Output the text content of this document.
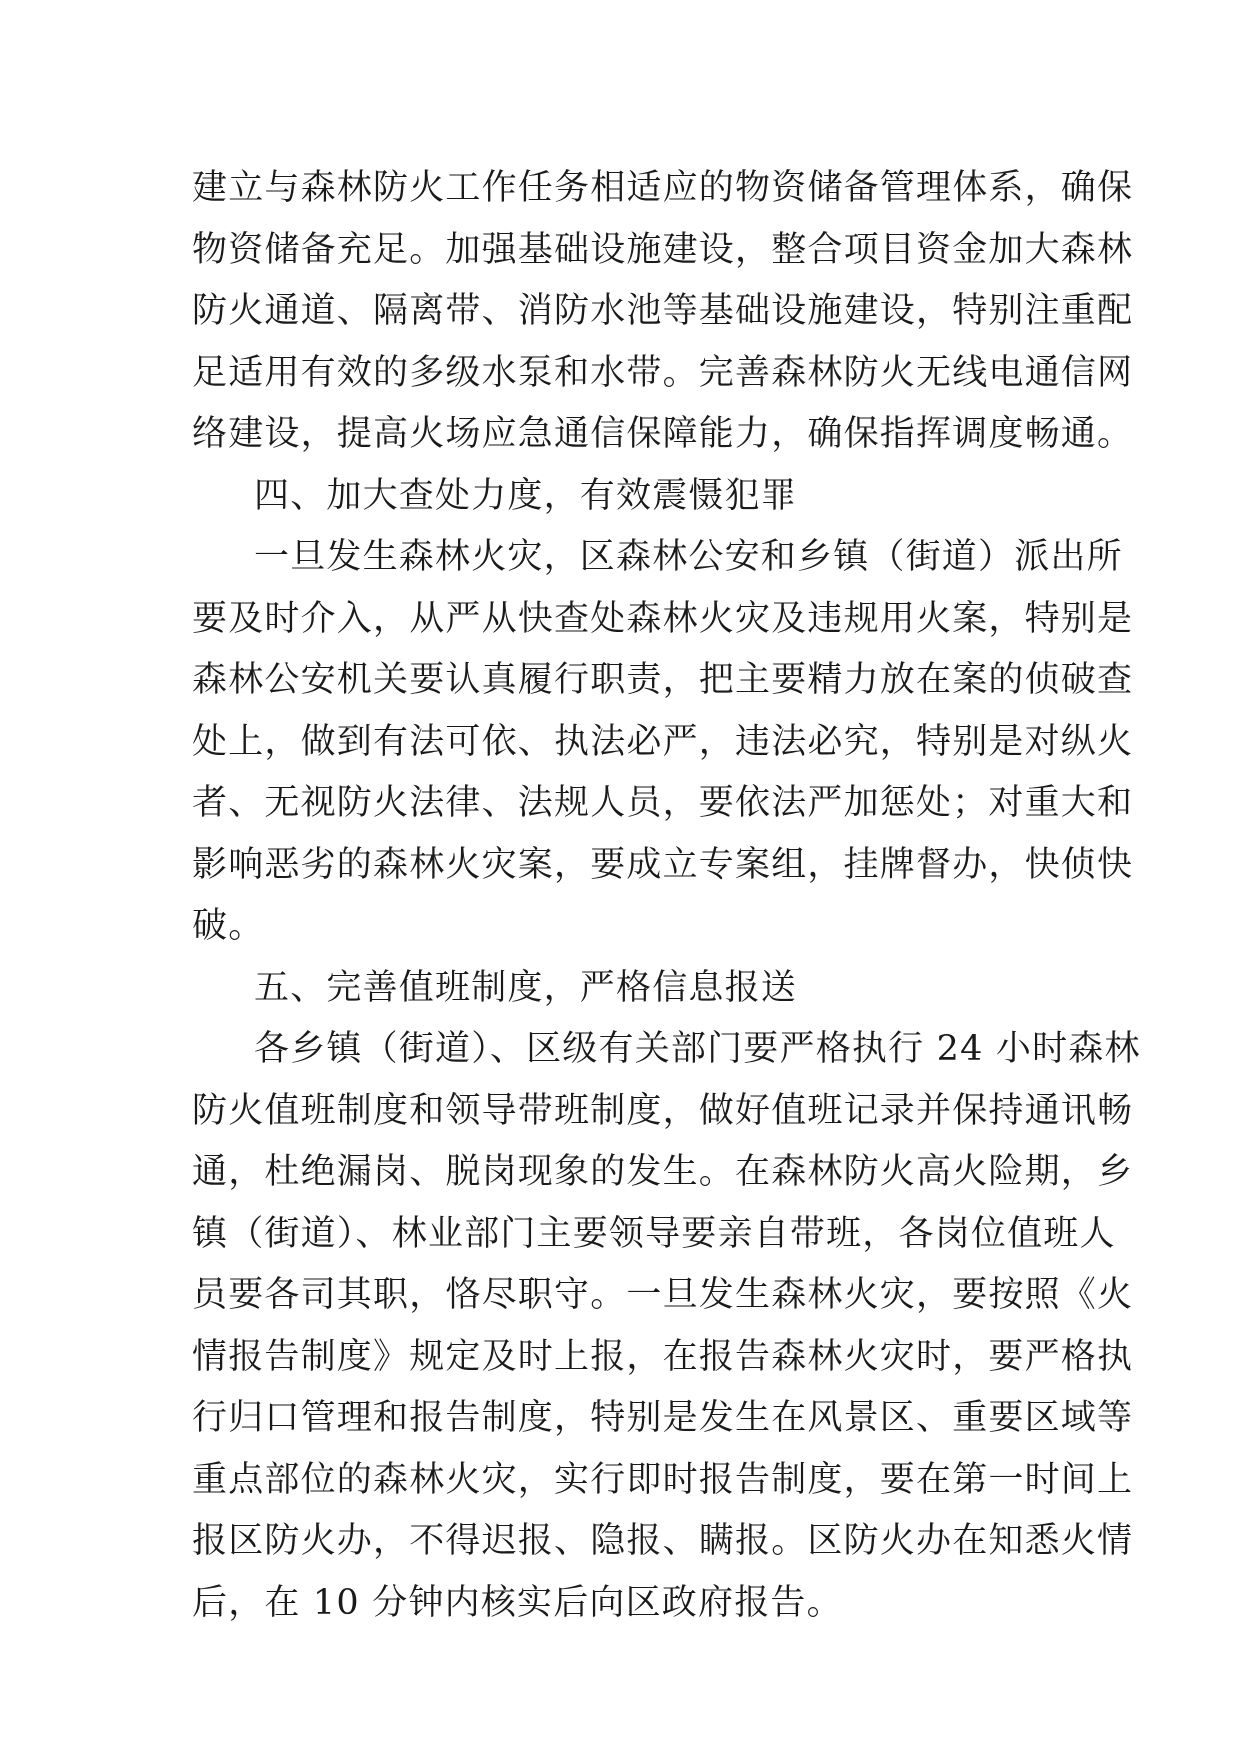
建立与森林防火工作任务相适应的物资储备管理体系，确保
物资储备充足。加强基础设施建设，整合项目资金加大森林
防火通道、隔离带、消防水池等基础设施建设，特别注重配
足适用有效的多级水泵和水带。完善森林防火无线电通信网
络建设，提高火场应急通信保障能力，确保指挥调度畅通。
四、加大查处力度，有效震慑犯罪
一旦发生森林火灾，区森林公安和乡镇（街道）派出所
要及时介入，从严从快查处森林火灾及违规用火案，特别是
森林公安机关要认真履行职责，把主要精力放在案的侦破查
处上，做到有法可依、执法必严，违法必究，特别是对纵火
者、无视防火法律、法规人员，要依法严加惩处；对重大和
影响恶劣的森林火灾案，要成立专案组，挂牌督办，快侦快
破。
五、完善值班制度，严格信息报送
各乡镇（街道）、区级有关部门要严格执行 24 小时森林
防火值班制度和领导带班制度，做好值班记录并保持通讯畅
通，杜绝漏岗、脱岗现象的发生。在森林防火高火险期，乡
镇（街道）、林业部门主要领导要亲自带班，各岗位值班人
员要各司其职，恪尽职守。一旦发生森林火灾，要按照《火
情报告制度》规定及时上报，在报告森林火灾时，要严格执
行归口管理和报告制度，特别是发生在风景区、重要区域等
重点部位的森林火灾，实行即时报告制度，要在第一时间上
报区防火办，不得迟报、隐报、瞒报。区防火办在知悉火情
后，在 10 分钟内核实后向区政府报告。
